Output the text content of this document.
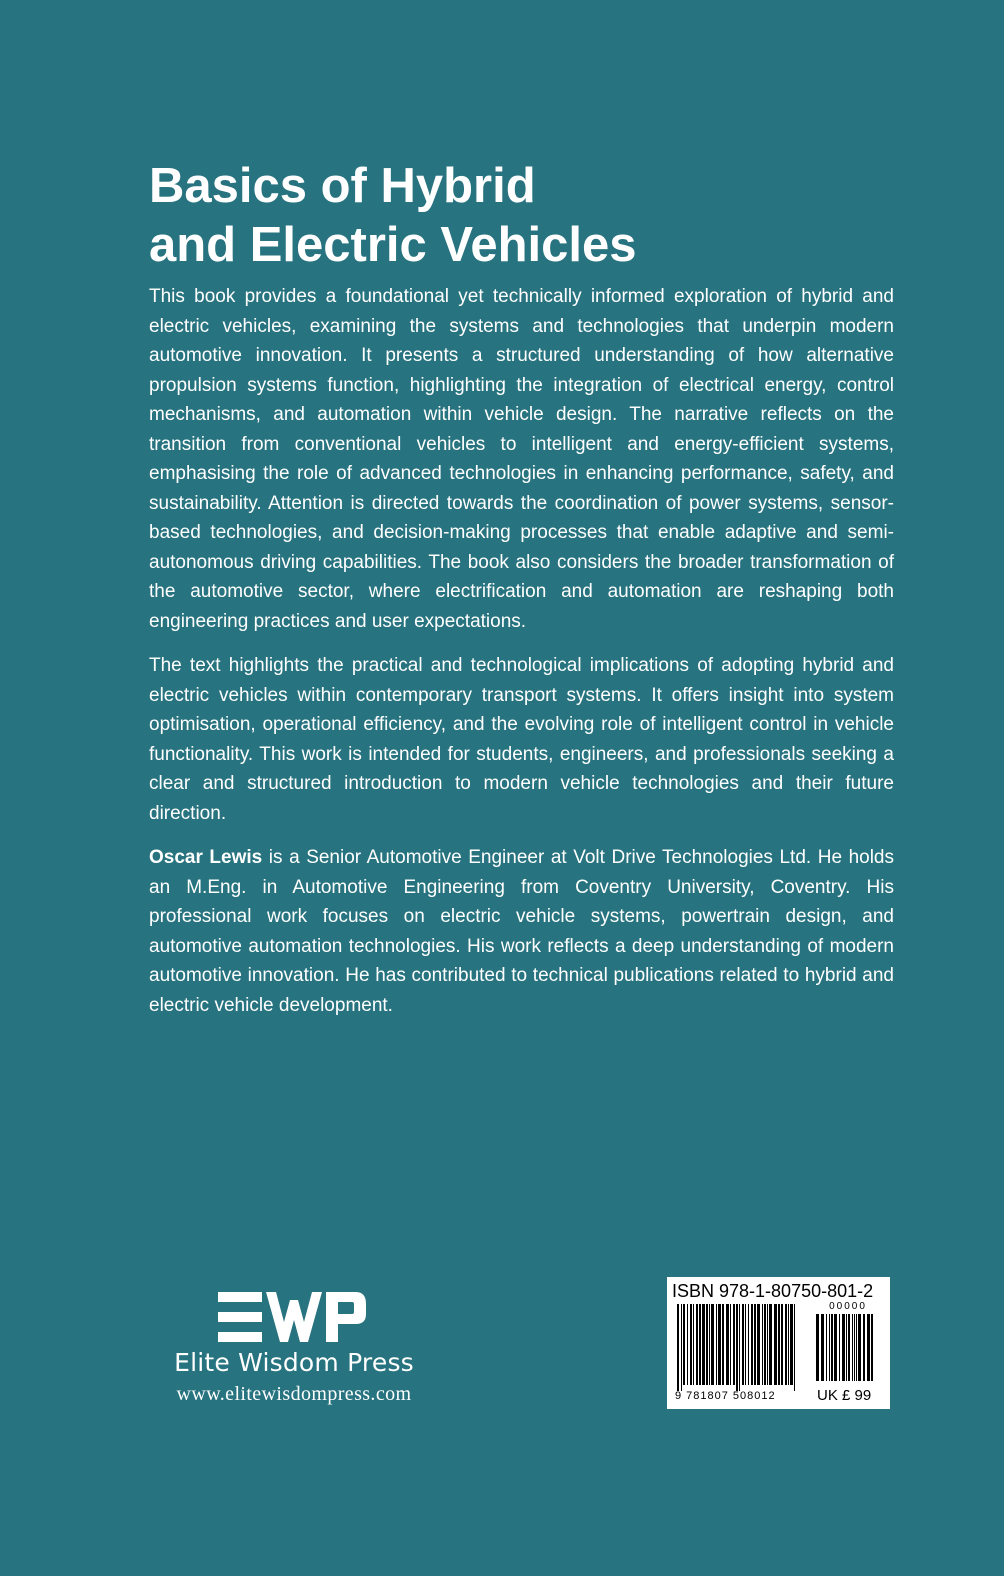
Basics of Hybrid
and Electric Vehicles

This book provides a foundational yet technically informed exploration of hybrid and electric vehicles, examining the systems and technologies that underpin modern automotive innovation. It presents a structured understanding of how alternative propulsion systems function, highlighting the integration of electrical energy, control mechanisms, and automation within vehicle design. The narrative reflects on the transition from conventional vehicles to intelligent and energy-efficient systems, emphasising the role of advanced technologies in enhancing performance, safety, and sustainability. Attention is directed towards the coordination of power systems, sensor-based technologies, and decision-making processes that enable adaptive and semi-autonomous driving capabilities. The book also considers the broader transformation of the automotive sector, where electrification and automation are reshaping both engineering practices and user expectations.

The text highlights the practical and technological implications of adopting hybrid and electric vehicles within contemporary transport systems. It offers insight into system optimisation, operational efficiency, and the evolving role of intelligent control in vehicle functionality. This work is intended for students, engineers, and professionals seeking a clear and structured introduction to modern vehicle technologies and their future direction.

Oscar Lewis is a Senior Automotive Engineer at Volt Drive Technologies Ltd. He holds an M.Eng. in Automotive Engineering from Coventry University, Coventry. His professional work focuses on electric vehicle systems, powertrain design, and automotive automation technologies. His work reflects a deep understanding of modern automotive innovation. He has contributed to technical publications related to hybrid and electric vehicle development.

Elite Wisdom Press
www.elitewisdompress.com
ISBN 978-1-80750-801-2
00000
9 781807 508012	UK £ 99
